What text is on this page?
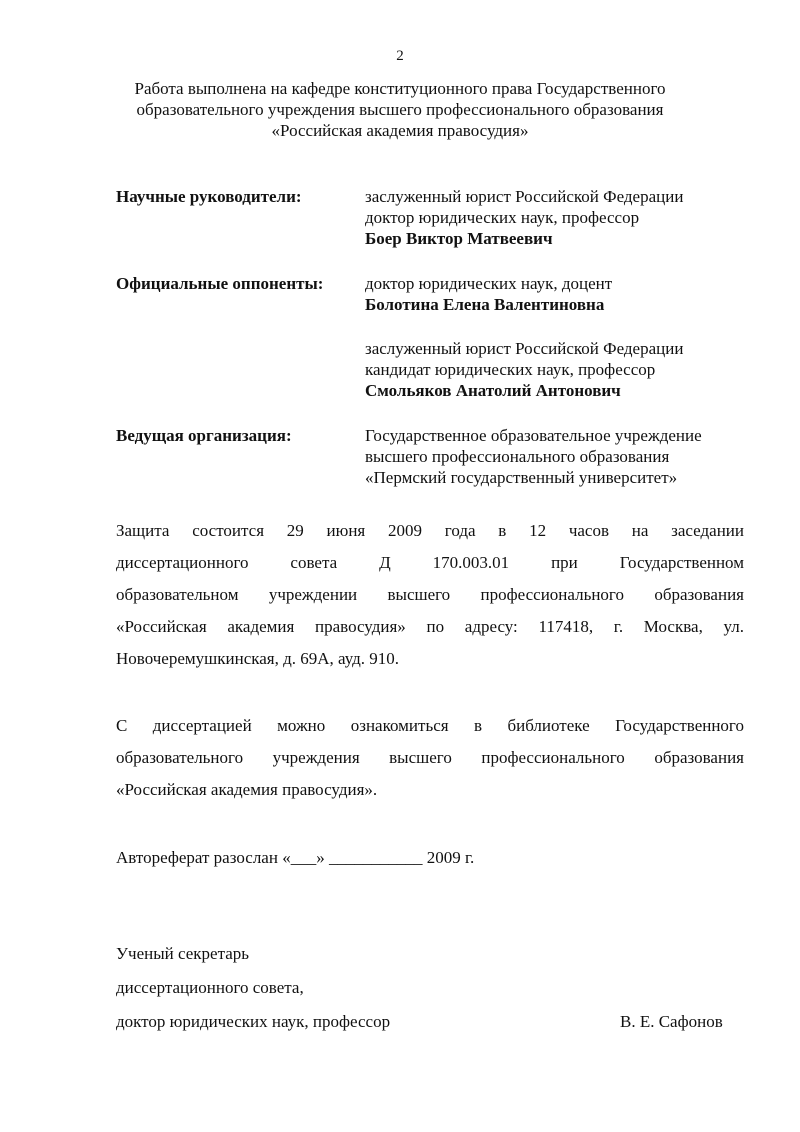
2
Работа выполнена на кафедре конституционного права Государственного
образовательного учреждения высшего профессионального образования
«Российская академия правосудия»
Научные руководители:	заслуженный юрист Российской Федерации
доктор юридических наук, профессор
Боер Виктор Матвеевич
Официальные оппоненты: доктор юридических наук, доцент
Болотина Елена Валентиновна
заслуженный юрист Российской Федерации
кандидат юридических наук, профессор
Смольяков Анатолий Антонович
Ведущая организация:	Государственное образовательное учреждение
высшего профессионального образования
«Пермский государственный университет»
Защита состоится 29 июня 2009 года в 12 часов на заседании
диссертационного совета Д 170.003.01 при Государственном
образовательном учреждении высшего профессионального образования
«Российская академия правосудия» по адресу: 117418, г. Москва, ул.
Новочеремушкинская, д. 69А, ауд. 910.
С диссертацией можно ознакомиться в библиотеке Государственного
образовательного учреждения высшего профессионального образования
«Российская академия правосудия».
Автореферат разослан «___» ___________ 2009 г.
Ученый секретарь
диссертационного совета,
доктор юридических наук, профессор	В. Е. Сафонов
